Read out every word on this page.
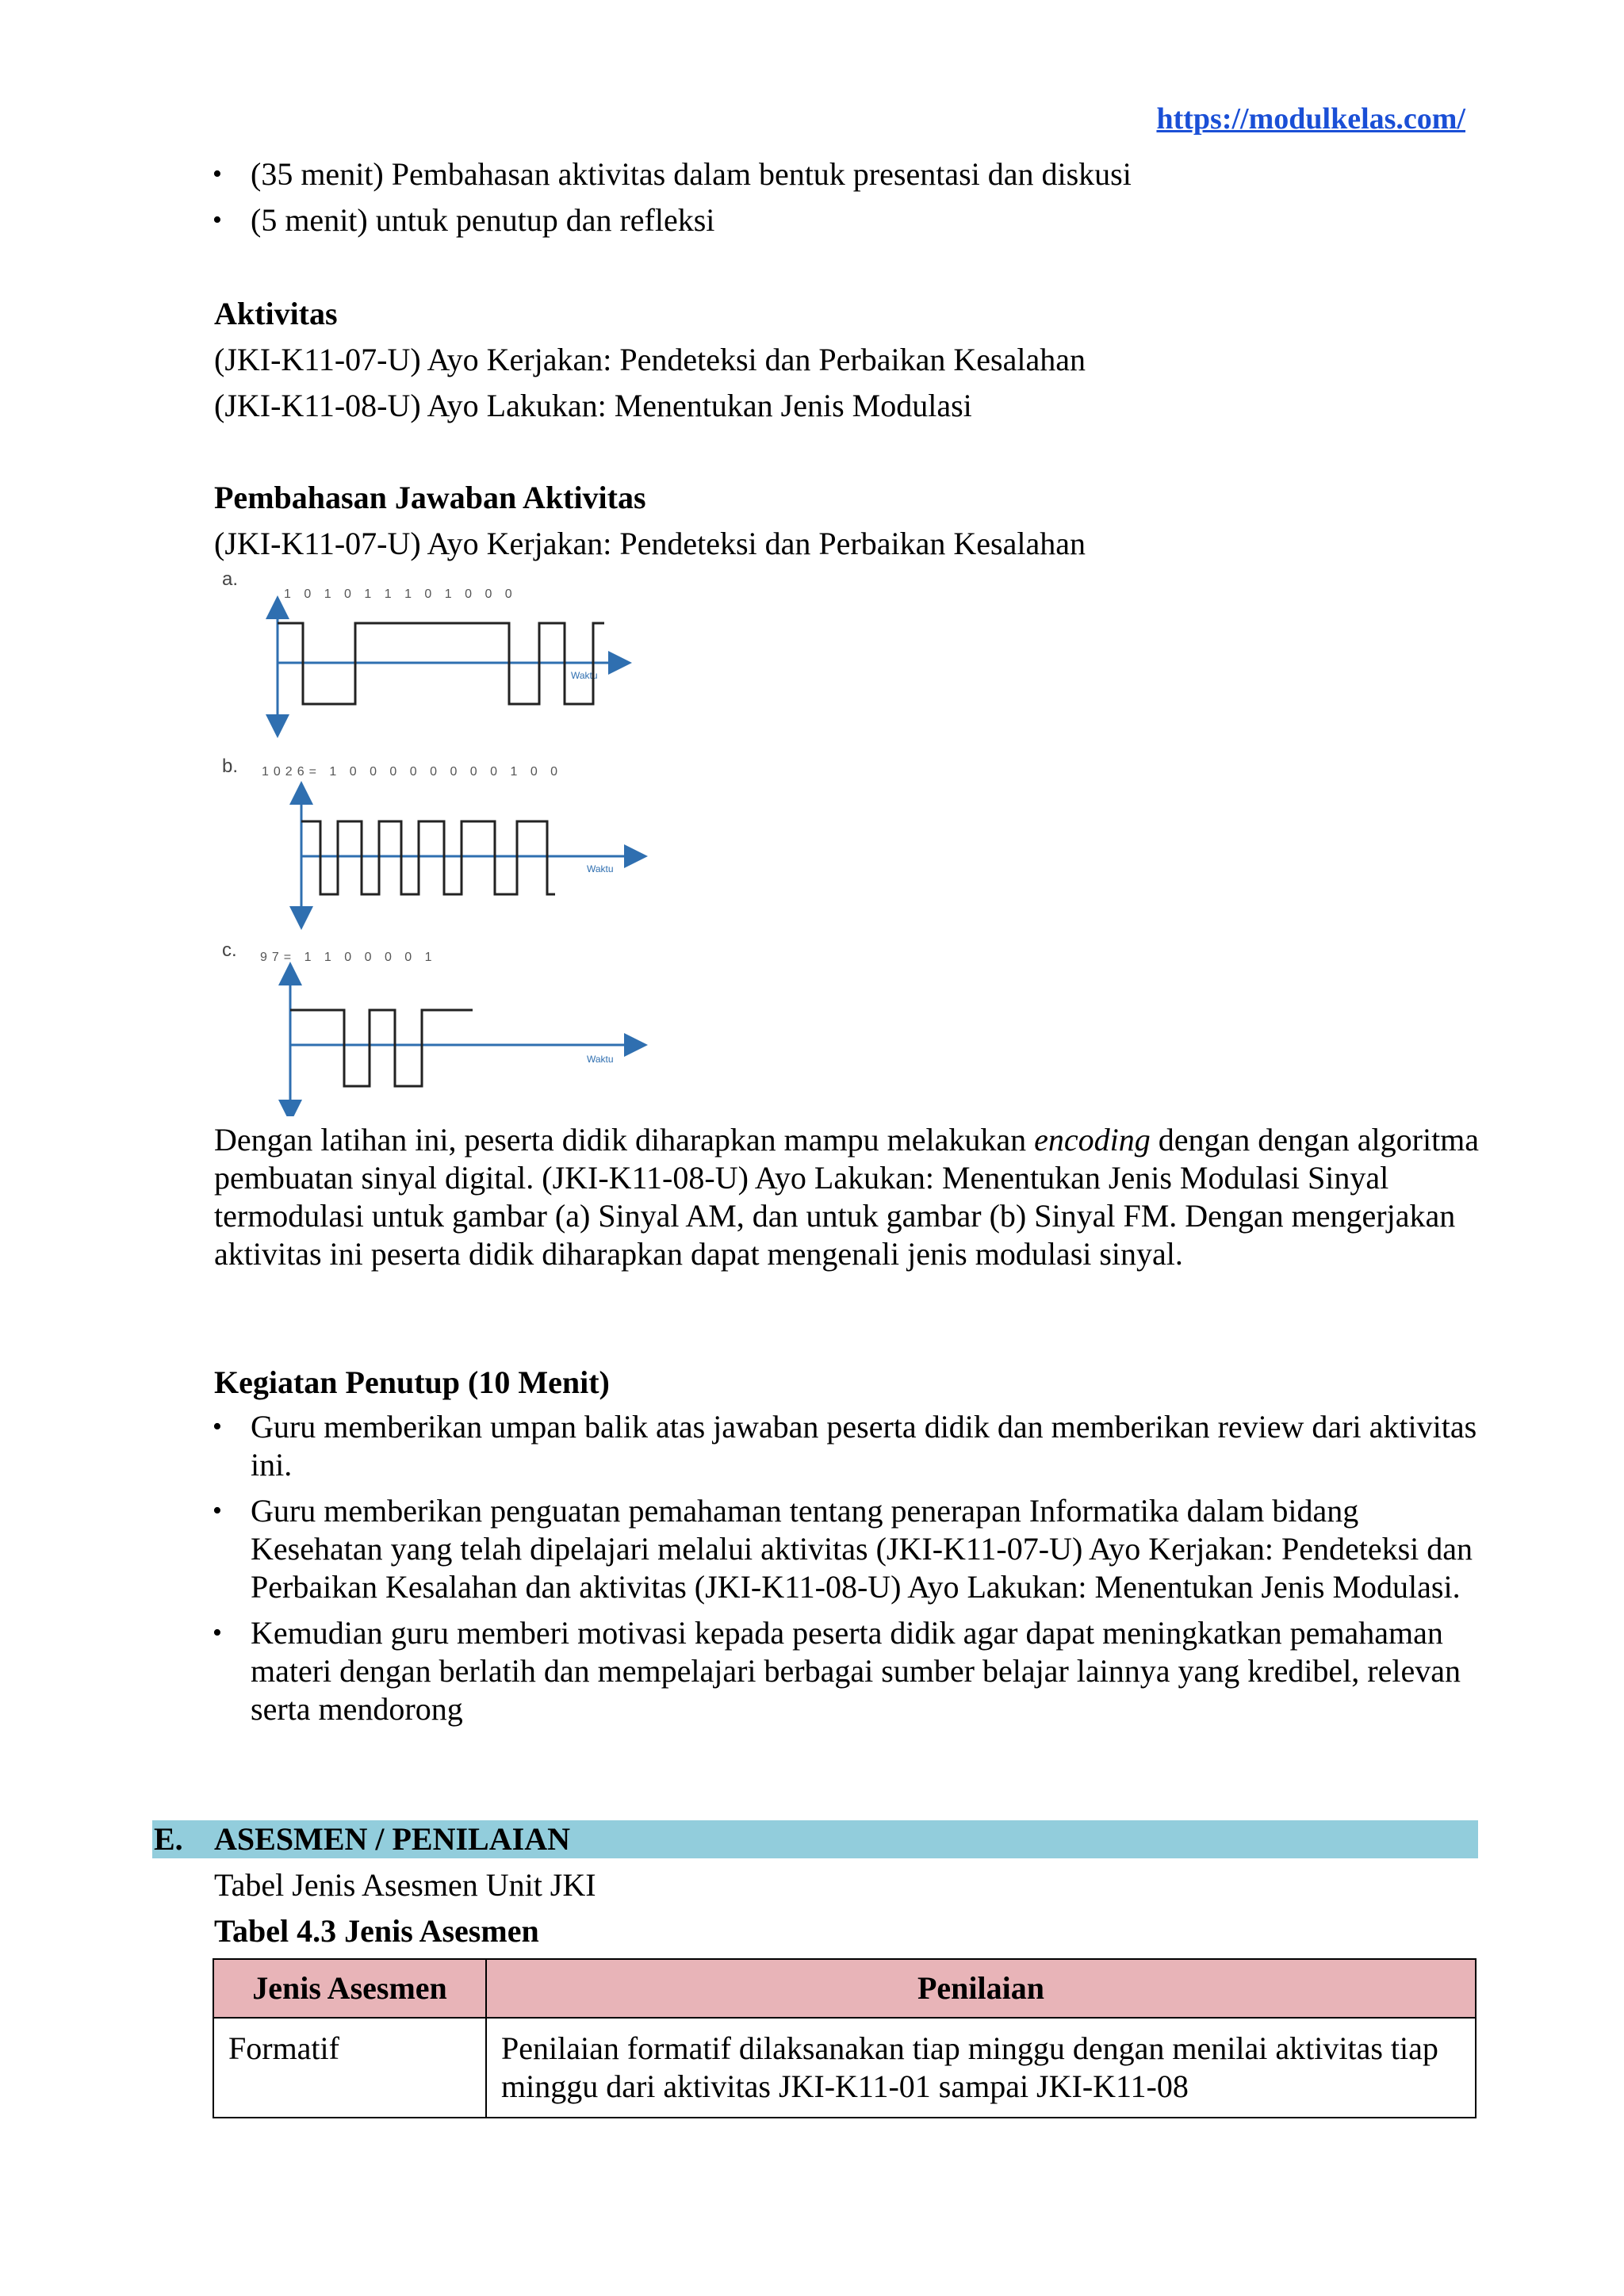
https://modulkelas.com/
• (35 menit) Pembahasan aktivitas dalam bentuk presentasi dan diskusi
• (5 menit) untuk penutup dan refleksi
Aktivitas
(JKI-K11-07-U) Ayo Kerjakan: Pendeteksi dan Perbaikan Kesalahan
(JKI-K11-08-U) Ayo Lakukan: Menentukan Jenis Modulasi
Pembahasan Jawaban Aktivitas
(JKI-K11-07-U) Ayo Kerjakan: Pendeteksi dan Perbaikan Kesalahan
a.
1 0 1 0 1 1 1 0 1 0 0 0
Waktu
b. 1026= 1 0 0 0 0 0 0 0 0 1 0 0
Waktu
c. 97= 1 1 0 0 0 0 1
Waktu

Dengan latihan ini, peserta didik diharapkan mampu melakukan encoding dengan dengan algoritma pembuatan sinyal digital. (JKI-K11-08-U) Ayo Lakukan: Menentukan Jenis Modulasi Sinyal termodulasi untuk gambar (a) Sinyal AM, dan untuk gambar (b) Sinyal FM. Dengan mengerjakan aktivitas ini peserta didik diharapkan dapat mengenali jenis modulasi sinyal.

Kegiatan Penutup (10 Menit)
• Guru memberikan umpan balik atas jawaban peserta didik dan memberikan review dari aktivitas ini.
• Guru memberikan penguatan pemahaman tentang penerapan Informatika dalam bidang Kesehatan yang telah dipelajari melalui aktivitas (JKI-K11-07-U) Ayo Kerjakan: Pendeteksi dan Perbaikan Kesalahan dan aktivitas (JKI-K11-08-U) Ayo Lakukan: Menentukan Jenis Modulasi.
• Kemudian guru memberi motivasi kepada peserta didik agar dapat meningkatkan pemahaman materi dengan berlatih dan mempelajari berbagai sumber belajar lainnya yang kredibel, relevan serta mendorong
E. ASESMEN / PENILAIAN
Tabel Jenis Asesmen Unit JKI
Tabel 4.3 Jenis Asesmen
Jenis Asesmen	Penilaian
Formatif	Penilaian formatif dilaksanakan tiap minggu dengan menilai aktivitas tiap minggu dari aktivitas JKI-K11-01 sampai JKI-K11-08
